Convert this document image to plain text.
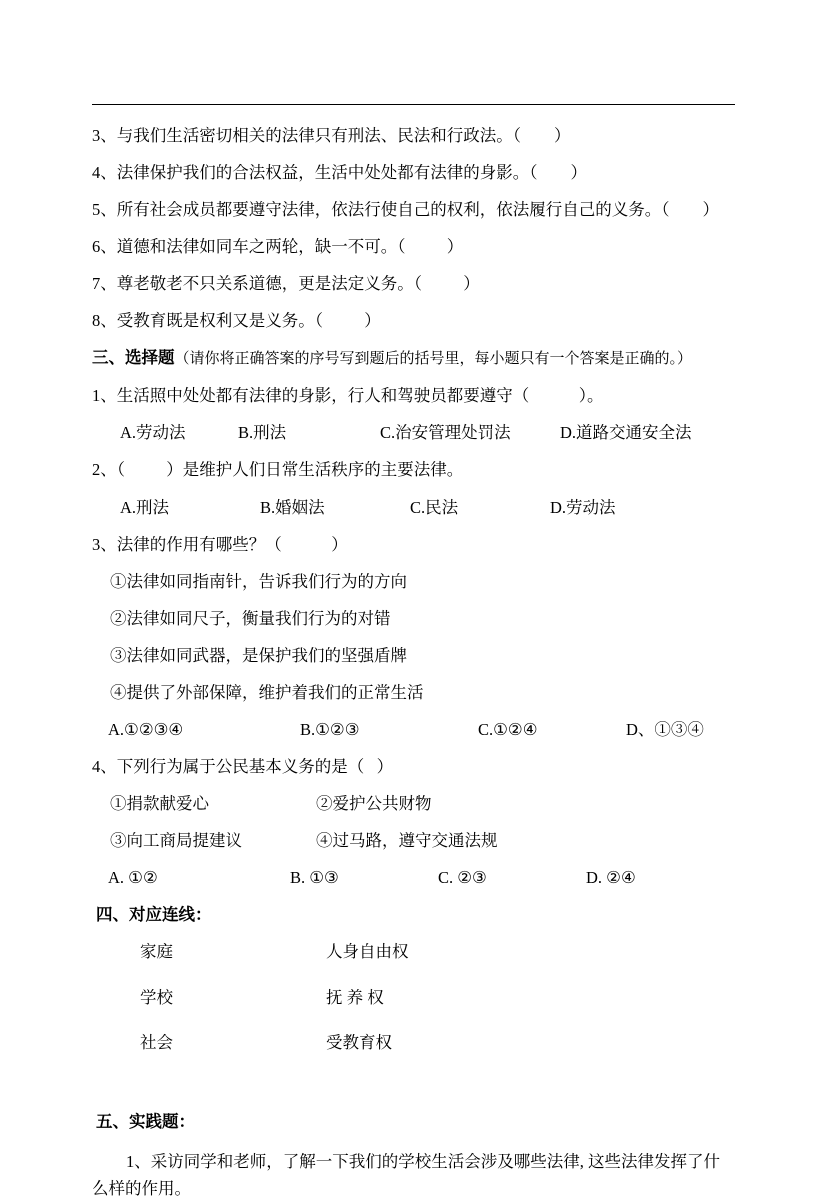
3、与我们生活密切相关的法律只有刑法、民法和行政法。（        ）

4、法律保护我们的合法权益，生活中处处都有法律的身影。（        ）

5、所有社会成员都要遵守法律，依法行使自己的权利，依法履行自己的义务。（        ）

6、道德和法律如同车之两轮，缺一不可。（          ）

7、尊老敬老不只关系道德，更是法定义务。（          ）

8、受教育既是权利又是义务。（          ）

三、选择题（请你将正确答案的序号写到题后的括号里，每小题只有一个答案是正确的。）

1、生活照中处处都有法律的身影，行人和驾驶员都要遵守（            ）。

A.劳动法	B.刑法	C.治安管理处罚法	D.道路交通安全法

2、（          ）是维护人们日常生活秩序的主要法律。

A.刑法	B.婚姻法	C.民法	D.劳动法

3、法律的作用有哪些？（            ）

①法律如同指南针，告诉我们行为的方向

②法律如同尺子，衡量我们行为的对错

③法律如同武器，是保护我们的坚强盾牌

④提供了外部保障，维护着我们的正常生活

A.①②③④	B.①②③	C.①②④	D、①③④

4、下列行为属于公民基本义务的是（   ）

①捐款献爱心	②爱护公共财物
③向工商局提建议	④过马路，遵守交通法规
A. ①②	B. ①③	C. ②③	D. ②④

四、对应连线：

家庭	人身自由权
学校	抚 养 权
社会	受教育权

五、实践题：

1、采访同学和老师，了解一下我们的学校生活会涉及哪些法律, 这些法律发挥了什么样的作用。
